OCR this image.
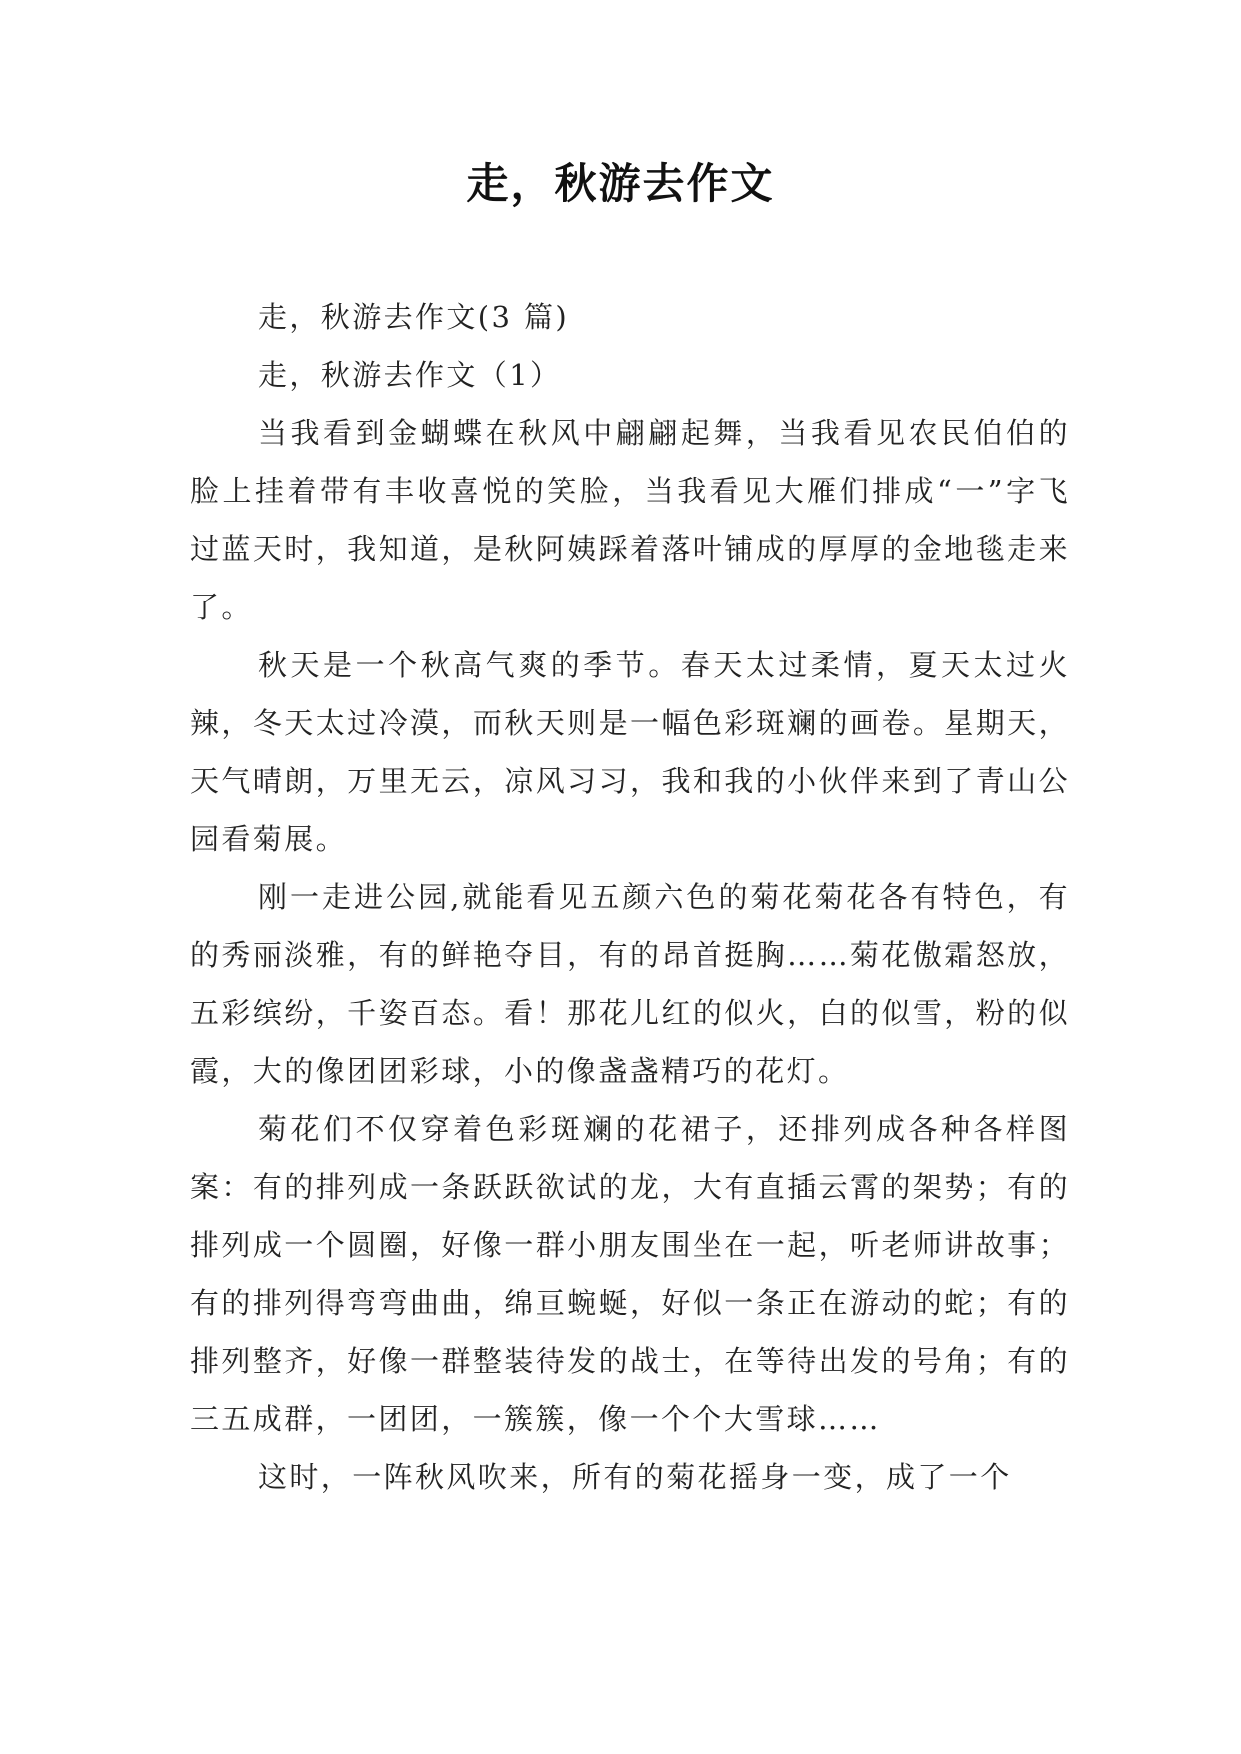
走，秋游去作文

走，秋游去作文(3 篇)

走，秋游去作文（1）

当我看到金蝴蝶在秋风中翩翩起舞，当我看见农民伯伯的脸上挂着带有丰收喜悦的笑脸，当我看见大雁们排成“一”字飞过蓝天时，我知道，是秋阿姨踩着落叶铺成的厚厚的金地毯走来了。

秋天是一个秋高气爽的季节。春天太过柔情，夏天太过火辣，冬天太过冷漠，而秋天则是一幅色彩斑斓的画卷。星期天，天气晴朗，万里无云，凉风习习，我和我的小伙伴来到了青山公园看菊展。

刚一走进公园,就能看见五颜六色的菊花菊花各有特色，有的秀丽淡雅，有的鲜艳夺目，有的昂首挺胸……菊花傲霜怒放，五彩缤纷，千姿百态。看！那花儿红的似火，白的似雪，粉的似霞，大的像团团彩球，小的像盏盏精巧的花灯。

菊花们不仅穿着色彩斑斓的花裙子，还排列成各种各样图案：有的排列成一条跃跃欲试的龙，大有直插云霄的架势；有的排列成一个圆圈，好像一群小朋友围坐在一起，听老师讲故事；有的排列得弯弯曲曲，绵亘蜿蜒，好似一条正在游动的蛇；有的排列整齐，好像一群整装待发的战士，在等待出发的号角；有的三五成群，一团团，一簇簇，像一个个大雪球……

这时，一阵秋风吹来，所有的菊花摇身一变，成了一个
